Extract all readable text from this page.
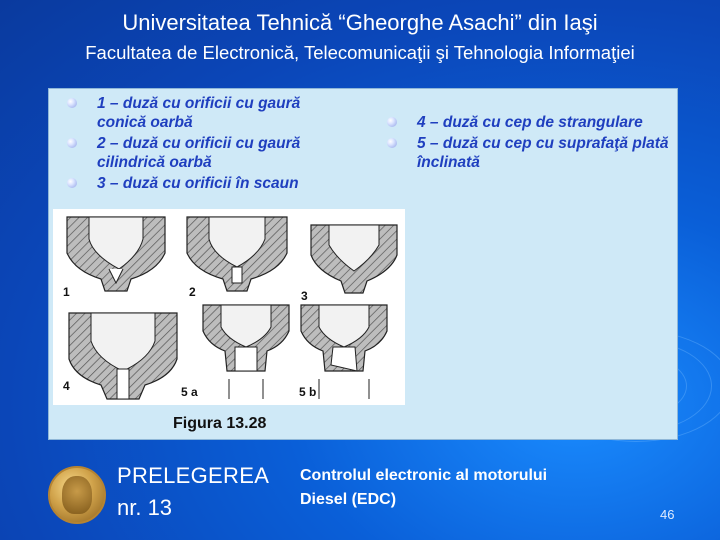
Universitatea Tehnică “Gheorghe Asachi” din Iaşi
Facultatea de Electronică, Telecomunicaţii şi Tehnologia Informaţiei
1 – duză cu orificii cu gaură conică oarbă
2 – duză cu orificii cu gaură cilindrică oarbă
3 – duză cu orificii în scaun
4 – duză cu cep de strangulare
5 – duză cu cep cu suprafaţă plată înclinată
1	2	3
4	5 a	5 b
Figura 13.28
PRELEGEREA
nr. 13
Controlul electronic al motorului
Diesel (EDC)
46
